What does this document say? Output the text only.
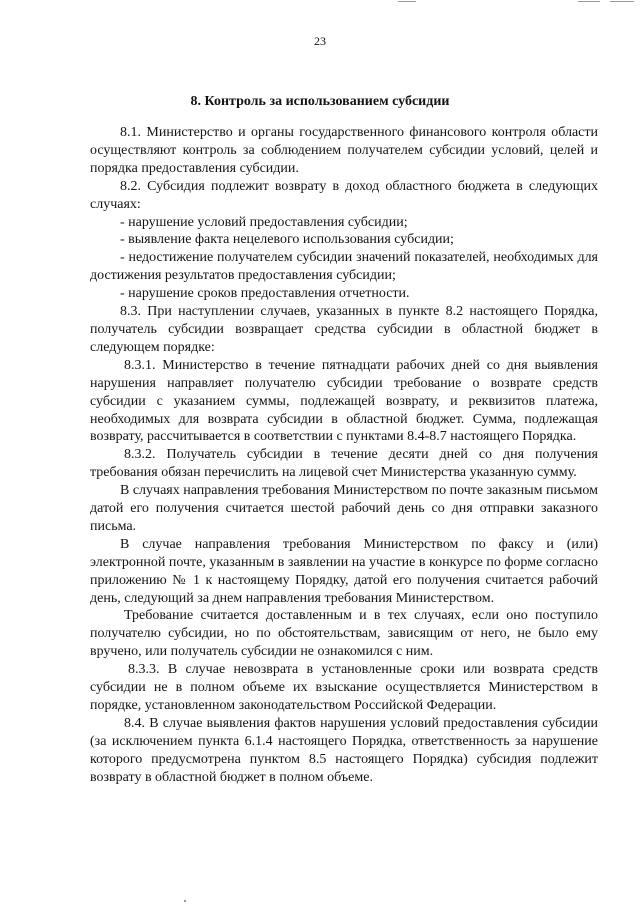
23
8. Контроль за использованием субсидии

8.1. Министерство и органы государственного финансового контроля области осуществляют контроль за соблюдением получателем субсидии условий, целей и порядка предоставления субсидии.

8.2. Субсидия подлежит возврату в доход областного бюджета в следующих случаях:

- нарушение условий предоставления субсидии;

- выявление факта нецелевого использования субсидии;

- недостижение получателем субсидии значений показателей, необходимых для достижения результатов предоставления субсидии;

- нарушение сроков предоставления отчетности.

8.3. При наступлении случаев, указанных в пункте 8.2 настоящего Порядка, получатель субсидии возвращает средства субсидии в областной бюджет в следующем порядке:

8.3.1. Министерство в течение пятнадцати рабочих дней со дня выявления нарушения направляет получателю субсидии требование о возврате средств субсидии с указанием суммы, подлежащей возврату, и реквизитов платежа, необходимых для возврата субсидии в областной бюджет. Сумма, подлежащая возврату, рассчитывается в соответствии с пунктами 8.4-8.7 настоящего Порядка.

8.3.2. Получатель субсидии в течение десяти дней со дня получения требования обязан перечислить на лицевой счет Министерства указанную сумму.

В случаях направления требования Министерством по почте заказным письмом датой его получения считается шестой рабочий день со дня отправки заказного письма.

В случае направления требования Министерством по факсу и (или) электронной почте, указанным в заявлении на участие в конкурсе по форме согласно приложению № 1 к настоящему Порядку, датой его получения считается рабочий день, следующий за днем направления требования Министерством.

Требование считается доставленным и в тех случаях, если оно поступило получателю субсидии, но по обстоятельствам, зависящим от него, не было ему вручено, или получатель субсидии не ознакомился с ним.

8.3.3. В случае невозврата в установленные сроки или возврата средств субсидии не в полном объеме их взыскание осуществляется Министерством в порядке, установленном законодательством Российской Федерации.

8.4. В случае выявления фактов нарушения условий предоставления субсидии (за исключением пункта 6.1.4 настоящего Порядка, ответственность за нарушение которого предусмотрена пунктом 8.5 настоящего Порядка) субсидия подлежит возврату в областной бюджет в полном объеме.
